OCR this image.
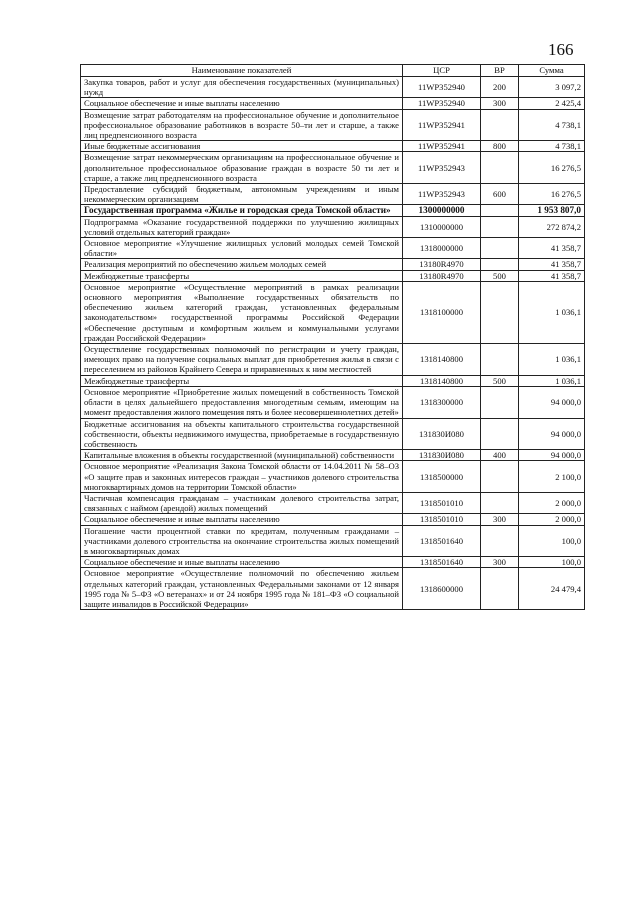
166
Наименование показателей	ЦСР	ВР	Сумма
Закупка товаров, работ и услуг для обеспечения государственных (муниципальных) нужд	11WP352940	200	3 097,2
Социальное обеспечение и иные выплаты населению	11WP352940	300	2 425,4
Возмещение затрат работодателям на профессиональное обучение и дополнительное профессиональное образование работников в возрасте 50–ти лет и старше, а также лиц предпенсионного возраста	11WP352941		4 738,1
Иные бюджетные ассигнования	11WP352941	800	4 738,1
Возмещение затрат некоммерческим организациям на профессиональное обучение и дополнительное профессиональное образование граждан в возрасте 50 ти лет и старше, а также лиц предпенсионного возраста	11WP352943		16 276,5
Предоставление субсидий бюджетным, автономным учреждениям и иным некоммерческим организациям	11WP352943	600	16 276,5
Государственная программа «Жилье и городская среда Томской области»	1300000000		1 953 807,0
Подпрограмма «Оказание государственной поддержки по улучшению жилищных условий отдельных категорий граждан»	1310000000		272 874,2
Основное мероприятие «Улучшение жилищных условий молодых семей Томской области»	1318000000		41 358,7
Реализация мероприятий по обеспечению жильем молодых семей	13180R4970		41 358,7
Межбюджетные трансферты	13180R4970	500	41 358,7
Основное мероприятие «Осуществление мероприятий в рамках реализации основного мероприятия «Выполнение государственных обязательств по обеспечению жильем категорий граждан, установленных федеральным законодательством» государственной программы Российской Федерации «Обеспечение доступным и комфортным жильем и коммунальными услугами граждан Российской Федерации»	1318100000		1 036,1
Осуществление государственных полномочий по регистрации и учету граждан, имеющих право на получение социальных выплат для приобретения жилья в связи с переселением из районов Крайнего Севера и приравненных к ним местностей	1318140800		1 036,1
Межбюджетные трансферты	1318140800	500	1 036,1
Основное мероприятие «Приобретение жилых помещений в собственность Томской области в целях дальнейшего предоставления многодетным семьям, имеющим на момент предоставления жилого помещения пять и более несовершеннолетних детей»	1318300000		94 000,0
Бюджетные ассигнования на объекты капитального строительства государственной собственности, объекты недвижимого имущества, приобретаемые в государственную собственность	131830И080		94 000,0
Капитальные вложения в объекты государственной (муниципальной) собственности	131830И080	400	94 000,0
Основное мероприятие «Реализация Закона Томской области от 14.04.2011 № 58–ОЗ «О защите прав и законных интересов граждан – участников долевого строительства многоквартирных домов на территории Томской области»	1318500000		2 100,0
Частичная компенсация гражданам – участникам долевого строительства затрат, связанных с наймом (арендой) жилых помещений	1318501010		2 000,0
Социальное обеспечение и иные выплаты населению	1318501010	300	2 000,0
Погашение части процентной ставки по кредитам, полученным гражданами – участниками долевого строительства на окончание строительства жилых помещений в многоквартирных домах	1318501640		100,0
Социальное обеспечение и иные выплаты населению	1318501640	300	100,0
Основное мероприятие «Осуществление полномочий по обеспечению жильем отдельных категорий граждан, установленных Федеральными законами от 12 января 1995 года № 5–ФЗ «О ветеранах» и от 24 ноября 1995 года № 181–ФЗ «О социальной защите инвалидов в Российской Федерации»	1318600000		24 479,4
